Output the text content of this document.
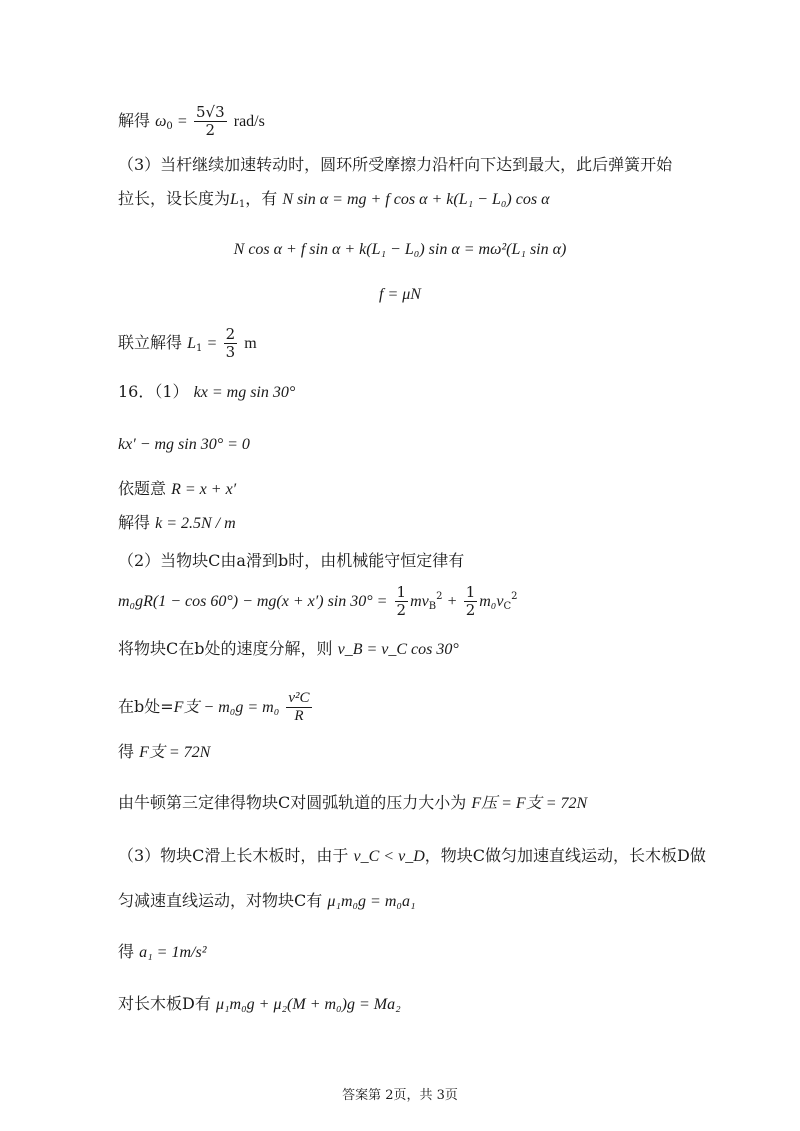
解得 $\omega_0 = \frac{5√3}{2} rad/s$
（3）当杆继续加速转动时，圆环所受摩擦力沿杆向下达到最大，此后弹簧开始
拉长，设长度为$L_1$，有 N sin α = mg + f cos α + k(L₁ − L₀) cos α
N cos α + f sin α + k(L₁ − L₀) sin α = mω²(L₁ sin α)
f = μN
联立解得 $L_1 = \frac{2}{3}$ m
16．（1） kx = mg sin 30°
kx′ − mg sin 30° = 0
依题意 R = x + x′
解得 k = 2.5N / m
（2）当物块C由a滑到b时，由机械能守恒定律有
m₀gR(1 − cos 60°) − mg(x + x′) $\sin 30^\circ = \frac{1}{2} mv_B^2 + \frac{1}{2} m_0v_C^2$
将物块C在b处的速度分解，则 v_B = v_C cos 30°
在b处=F支 − $m_0g = m_0 \frac{\text{v²C}}{R}$
得 F支 = 72N
由牛顿第三定律得物块C对圆弧轨道的压力大小为 F压 = F支 = 72N
（3）物块C滑上长木板时，由于 v_C < v_D，物块C做匀加速直线运动，长木板D做
匀减速直线运动，对物块C有 μ₁m₀g = m₀a₁
得 a₁ = 1m/s²
对长木板D有 μ₁m₀g + μ₂(M + m₀)g = Ma₂
答案第 2页，共 3页
